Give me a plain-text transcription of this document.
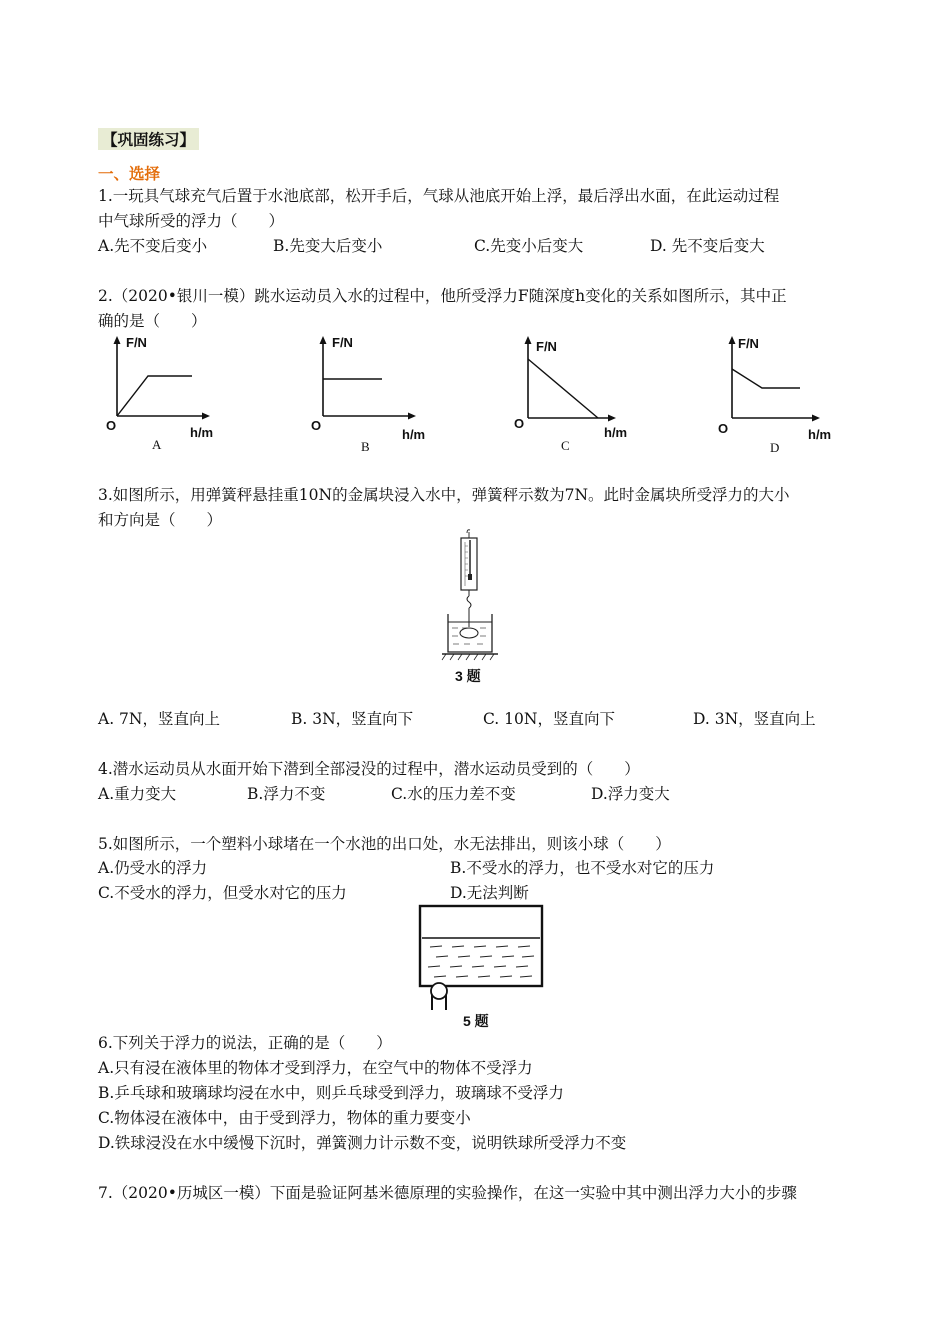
【巩固练习】
一、选择
1.一玩具气球充气后置于水池底部，松开手后，气球从池底开始上浮，最后浮出水面，在此运动过程
中气球所受的浮力（　　）
A.先不变后变小	B.先变大后变小	C.先变小后变大	D. 先不变后变大
2.（2020•银川一模）跳水运动员入水的过程中，他所受浮力F随深度h变化的关系如图所示，其中正
确的是（　　）
F/N
O	h/m
A
F/N
O
h/m
B
F/N
O
h/m
C
F/N
O	h/m
D
3.如图所示，用弹簧秤悬挂重10N的金属块浸入水中，弹簧秤示数为7N。此时金属块所受浮力的大小
和方向是（　　）
3 题
A. 7N，竖直向上	B. 3N，竖直向下	C. 10N，竖直向下	D. 3N，竖直向上
4.潜水运动员从水面开始下潜到全部浸没的过程中，潜水运动员受到的（　　）
A.重力变大	B.浮力不变	C.水的压力差不变	D.浮力变大
5.如图所示，一个塑料小球堵在一个水池的出口处，水无法排出，则该小球（　　）
A.仍受水的浮力	B.不受水的浮力，也不受水对它的压力
C.不受水的浮力，但受水对它的压力	D.无法判断
5 题
6.下列关于浮力的说法，正确的是（　　）
A.只有浸在液体里的物体才受到浮力，在空气中的物体不受浮力
B.乒乓球和玻璃球均浸在水中，则乒乓球受到浮力，玻璃球不受浮力
C.物体浸在液体中，由于受到浮力，物体的重力要变小
D.铁球浸没在水中缓慢下沉时，弹簧测力计示数不变，说明铁球所受浮力不变
7.（2020•历城区一模）下面是验证阿基米德原理的实验操作，在这一实验中其中测出浮力大小的步骤
